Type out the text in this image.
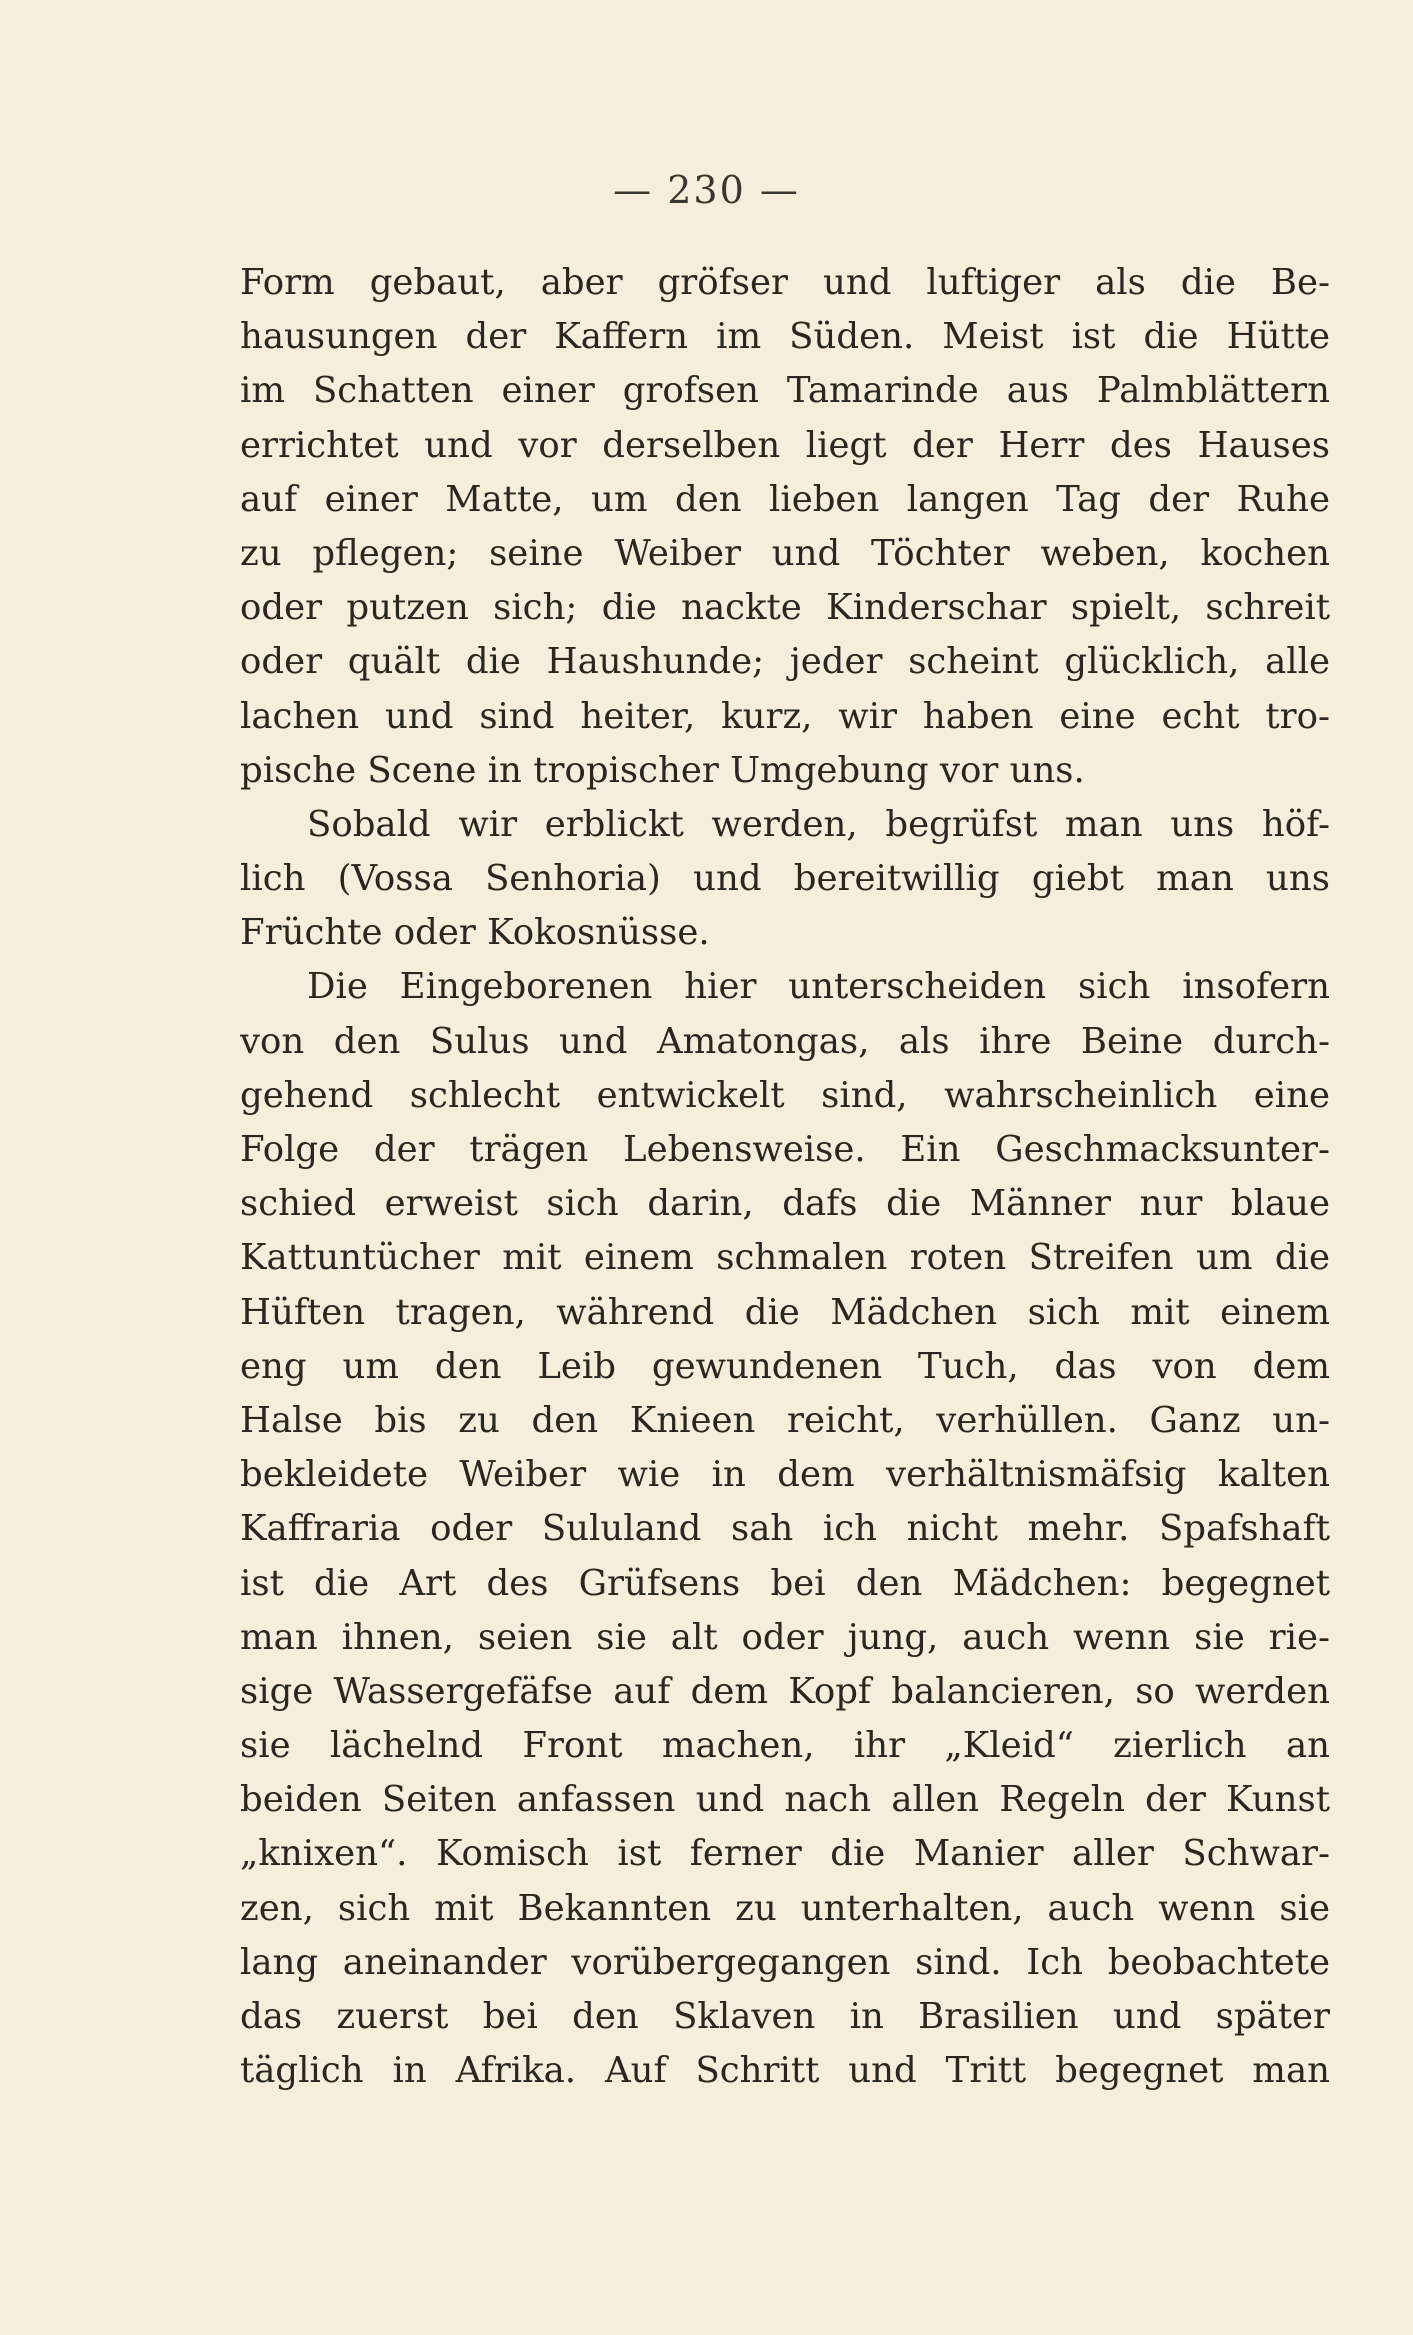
— 230 —
Form gebaut, aber gröfser und luftiger als die Be-
hausungen der Kaffern im Süden. Meist ist die Hütte
im Schatten einer grofsen Tamarinde aus Palmblättern
errichtet und vor derselben liegt der Herr des Hauses
auf einer Matte, um den lieben langen Tag der Ruhe
zu pflegen; seine Weiber und Töchter weben, kochen
oder putzen sich; die nackte Kinderschar spielt, schreit
oder quält die Haushunde; jeder scheint glücklich, alle
lachen und sind heiter, kurz, wir haben eine echt tro-
pische Scene in tropischer Umgebung vor uns.
Sobald wir erblickt werden, begrüfst man uns höf-
lich (Vossa Senhoria) und bereitwillig giebt man uns
Früchte oder Kokosnüsse.
Die Eingeborenen hier unterscheiden sich insofern
von den Sulus und Amatongas, als ihre Beine durch-
gehend schlecht entwickelt sind, wahrscheinlich eine
Folge der trägen Lebensweise. Ein Geschmacksunter-
schied erweist sich darin, dafs die Männer nur blaue
Kattuntücher mit einem schmalen roten Streifen um die
Hüften tragen, während die Mädchen sich mit einem
eng um den Leib gewundenen Tuch, das von dem
Halse bis zu den Knieen reicht, verhüllen. Ganz un-
bekleidete Weiber wie in dem verhältnismäfsig kalten
Kaffraria oder Sululand sah ich nicht mehr. Spafshaft
ist die Art des Grüfsens bei den Mädchen: begegnet
man ihnen, seien sie alt oder jung, auch wenn sie rie-
sige Wassergefäfse auf dem Kopf balancieren, so werden
sie lächelnd Front machen, ihr „Kleid“ zierlich an
beiden Seiten anfassen und nach allen Regeln der Kunst
„knixen“. Komisch ist ferner die Manier aller Schwar-
zen, sich mit Bekannten zu unterhalten, auch wenn sie
lang aneinander vorübergegangen sind. Ich beobachtete
das zuerst bei den Sklaven in Brasilien und später
täglich in Afrika. Auf Schritt und Tritt begegnet man
